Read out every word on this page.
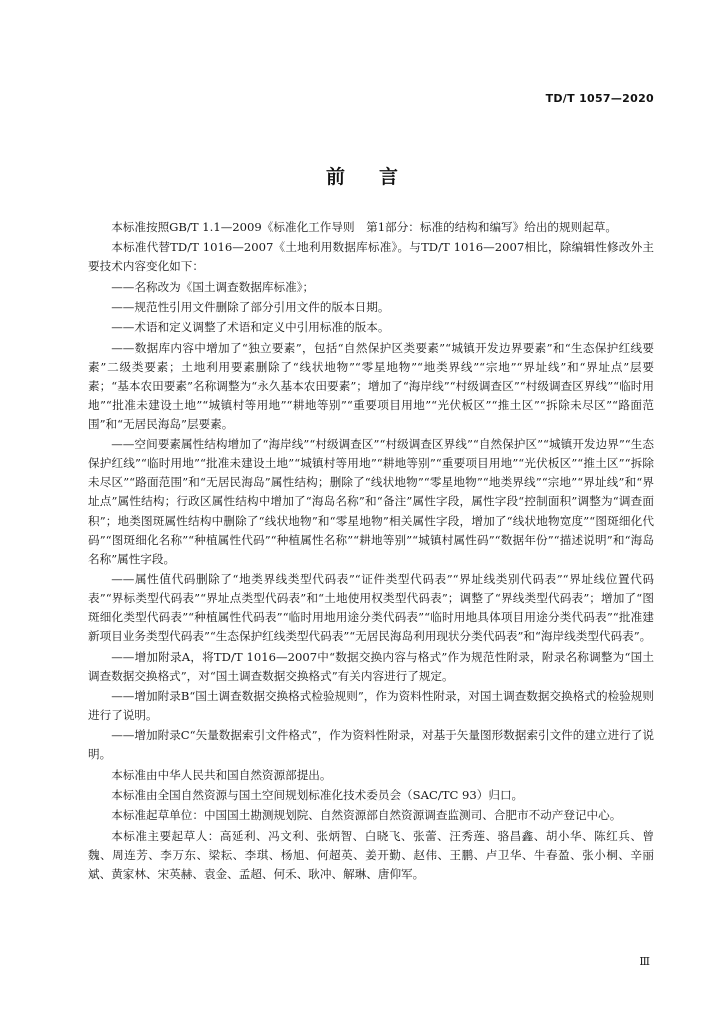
TD/T 1057—2020
前言

本标准按照GB/T 1.1—2009《标准化工作导则　第1部分：标准的结构和编写》给出的规则起草。

本标准代替TD/T 1016—2007《土地利用数据库标准》。与TD/T 1016—2007相比，除编辑性修改外主要技术内容变化如下：

——名称改为《国土调查数据库标准》；

——规范性引用文件删除了部分引用文件的版本日期。

——术语和定义调整了术语和定义中引用标准的版本。

——数据库内容中增加了“独立要素”，包括“自然保护区类要素”“城镇开发边界要素”和“生态保护红线要素”二级类要素；土地利用要素删除了“线状地物”“零星地物”“地类界线”“宗地”“界址线”和“界址点”层要素；“基本农田要素”名称调整为“永久基本农田要素”；增加了“海岸线”“村级调查区”“村级调查区界线”“临时用地”“批准未建设土地”“城镇村等用地”“耕地等别”“重要项目用地”“光伏板区”“推土区”“拆除未尽区”“路面范围”和“无居民海岛”层要素。

——空间要素属性结构增加了“海岸线”“村级调查区”“村级调查区界线”“自然保护区”“城镇开发边界”“生态保护红线”“临时用地”“批准未建设土地”“城镇村等用地”“耕地等别”“重要项目用地”“光伏板区”“推土区”“拆除未尽区”“路面范围”和“无居民海岛”属性结构；删除了“线状地物”“零星地物”“地类界线”“宗地”“界址线”和“界址点”属性结构；行政区属性结构中增加了“海岛名称”和“备注”属性字段，属性字段“控制面积”调整为“调查面积”；地类图斑属性结构中删除了“线状地物”和“零星地物”相关属性字段，增加了“线状地物宽度”“图斑细化代码”“图斑细化名称”“种植属性代码”“种植属性名称”“耕地等别”“城镇村属性码”“数据年份”“描述说明”和“海岛名称”属性字段。

——属性值代码删除了“地类界线类型代码表”“证件类型代码表”“界址线类别代码表”“界址线位置代码表”“界标类型代码表”“界址点类型代码表”和“土地使用权类型代码表”；调整了“界线类型代码表”；增加了“图斑细化类型代码表”“种植属性代码表”“临时用地用途分类代码表”“临时用地具体项目用途分类代码表”“批准建新项目业务类型代码表”“生态保护红线类型代码表”“无居民海岛利用现状分类代码表”和“海岸线类型代码表”。

——增加附录A，将TD/T 1016—2007中“数据交换内容与格式”作为规范性附录，附录名称调整为“国土调查数据交换格式”，对“国土调查数据交换格式”有关内容进行了规定。

——增加附录B“国土调查数据交换格式检验规则”，作为资料性附录，对国土调查数据交换格式的检验规则进行了说明。

——增加附录C“矢量数据索引文件格式”，作为资料性附录，对基于矢量图形数据索引文件的建立进行了说明。

本标准由中华人民共和国自然资源部提出。

本标准由全国自然资源与国土空间规划标准化技术委员会（SAC/TC 93）归口。

本标准起草单位：中国国土勘测规划院、自然资源部自然资源调查监测司、合肥市不动产登记中心。

本标准主要起草人：高延利、冯文利、张炳智、白晓飞、张蕾、汪秀莲、骆昌鑫、胡小华、陈红兵、曾魏、周连芳、李万东、梁耘、李琪、杨旭、何超英、姜开勤、赵伟、王鹏、卢卫华、牛春盈、张小桐、辛丽斌、黄家林、宋英赫、袁金、孟超、何禾、耿冲、解琳、唐仰军。

Ⅲ
